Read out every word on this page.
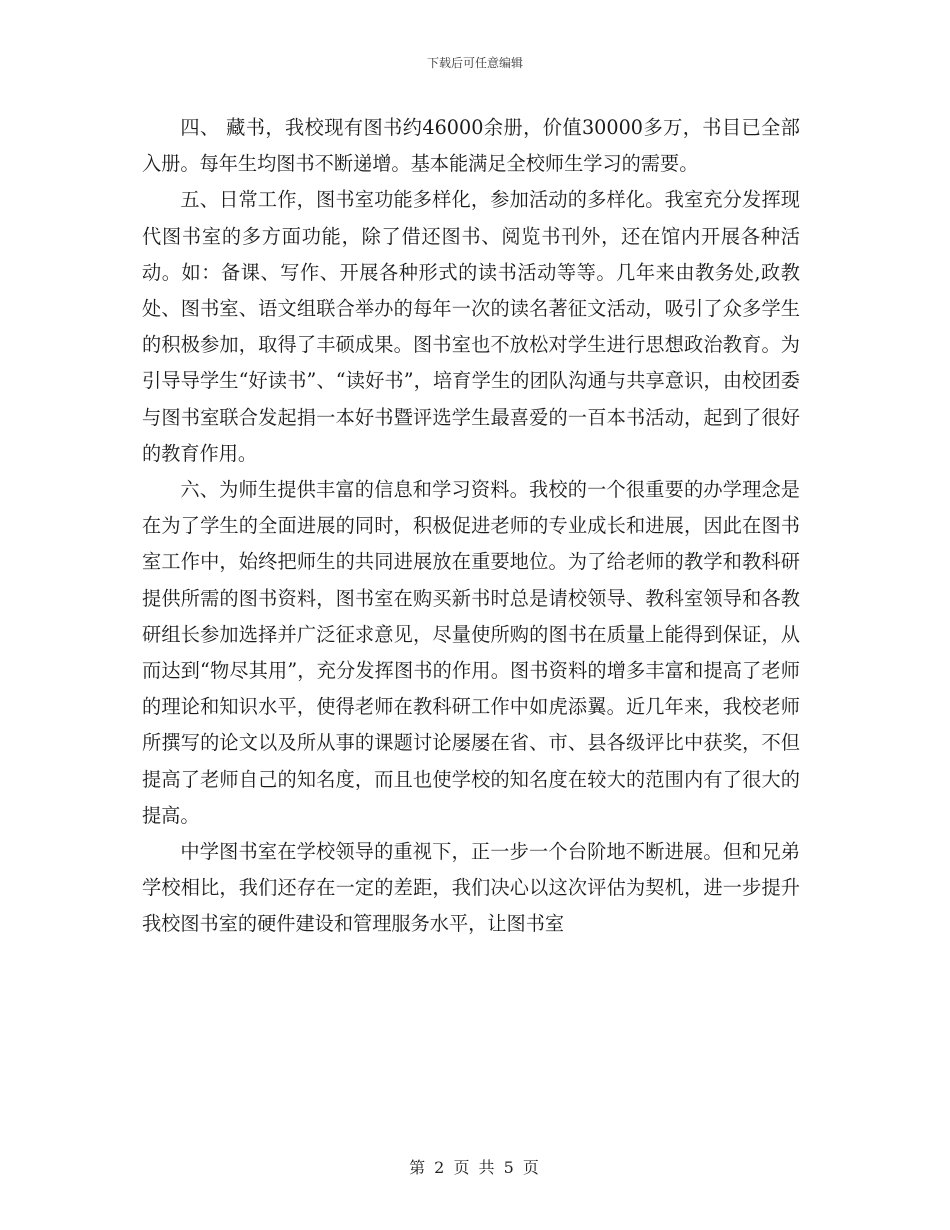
下载后可任意编辑

四、 藏书，我校现有图书约46000余册，价值30000多万，书目已全部入册。每年生均图书不断递增。基本能满足全校师生学习的需要。

五、日常工作，图书室功能多样化，参加活动的多样化。我室充分发挥现代图书室的多方面功能，除了借还图书、阅览书刊外，还在馆内开展各种活动。如：备课、写作、开展各种形式的读书活动等等。几年来由教务处,政教处、图书室、语文组联合举办的每年一次的读名著征文活动，吸引了众多学生的积极参加，取得了丰硕成果。图书室也不放松对学生进行思想政治教育。为引导导学生“好读书”、“读好书”，培育学生的团队沟通与共享意识，由校团委与图书室联合发起捐一本好书暨评选学生最喜爱的一百本书活动，起到了很好的教育作用。

六、为师生提供丰富的信息和学习资料。我校的一个很重要的办学理念是在为了学生的全面进展的同时，积极促进老师的专业成长和进展，因此在图书室工作中，始终把师生的共同进展放在重要地位。为了给老师的教学和教科研提供所需的图书资料，图书室在购买新书时总是请校领导、教科室领导和各教研组长参加选择并广泛征求意见，尽量使所购的图书在质量上能得到保证，从而达到“物尽其用”，充分发挥图书的作用。图书资料的增多丰富和提高了老师的理论和知识水平，使得老师在教科研工作中如虎添翼。近几年来，我校老师所撰写的论文以及所从事的课题讨论屡屡在省、市、县各级评比中获奖，不但提高了老师自己的知名度，而且也使学校的知名度在较大的范围内有了很大的提高。

中学图书室在学校领导的重视下，正一步一个台阶地不断进展。但和兄弟学校相比，我们还存在一定的差距，我们决心以这次评估为契机，进一步提升我校图书室的硬件建设和管理服务水平，让图书室

第 2 页 共 5 页
